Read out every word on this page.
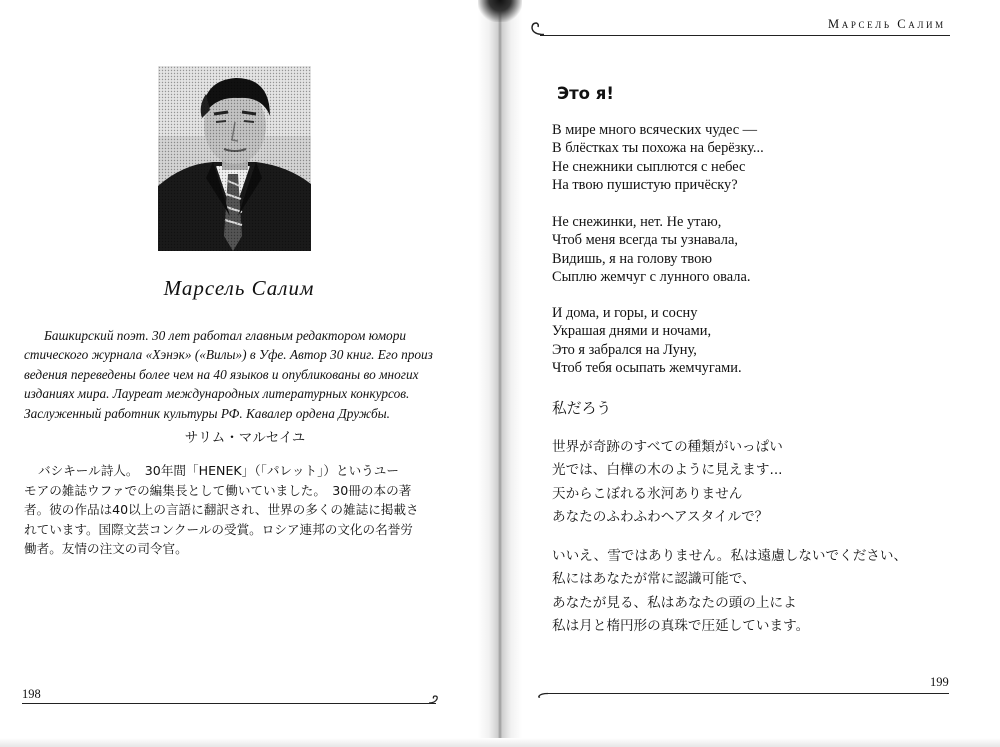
Марсель Салим
Башкирский поэт. 30 лет работал главным редактором юмори
стического журнала «Хэнэк» («Вилы») в Уфе. Автор 30 книг. Его произ
ведения переведены более чем на 40 языков и опубликованы во многих
изданиях мира. Лауреат международных литературных конкурсов.
Заслуженный работник культуры РФ. Кавалер ордена Дружбы.
サリム・マルセイユ
バシキール詩人。　30年間「HENEK」（「パレット」）というユー
モアの雑誌ウファでの編集長として働いていました。　30冊の本の著
者。彼の作品は40以上の言語に翻訳され、世界の多くの雑誌に掲載さ
れています。国際文芸コンクールの受賞。ロシア連邦の文化の名誉労
働者。友情の注文の司令官。
198
Марсель Салим
Это я!
В мире много всяческих чудес —
В блёстках ты похожа на берёзку...
Не снежники сыплются с небес
На твою пушистую причёску?
Не снежинки, нет. Не утаю,
Чтоб меня всегда ты узнавала,
Видишь, я на голову твою
Сыплю жемчуг с лунного овала.
И дома, и горы, и сосну
Украшая днями и ночами,
Это я забрался на Луну,
Чтоб тебя осыпать жемчугами.
私だろう
世界が奇跡のすべての種類がいっぱい
光では、白樺の木のように見えます...
天からこぼれる氷河ありません
あなたのふわふわヘアスタイルで？
いいえ、雪ではありません。私は遠慮しないでください、
私にはあなたが常に認識可能で、
あなたが見る、私はあなたの頭の上によ
私は月と楕円形の真珠で圧延しています。
199
